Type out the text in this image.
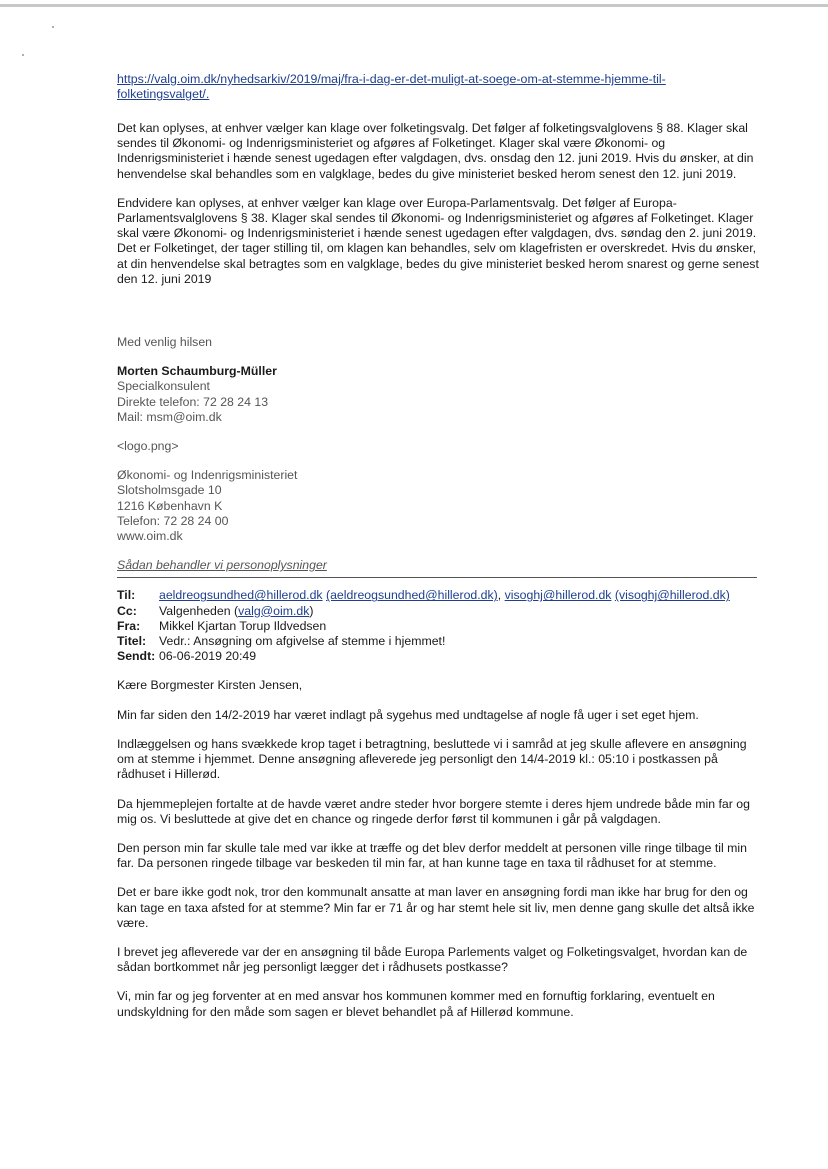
https://valg.oim.dk/nyhedsarkiv/2019/maj/fra-i-dag-er-det-muligt-at-soege-om-at-stemme-hjemme-til-
folketingsvalget/.

Det kan oplyses, at enhver vælger kan klage over folketingsvalg. Det følger af folketingsvalglovens § 88. Klager skal sendes til Økonomi- og Indenrigsministeriet og afgøres af Folketinget. Klager skal være Økonomi- og Indenrigsministeriet i hænde senest ugedagen efter valgdagen, dvs. onsdag den 12. juni 2019. Hvis du ønsker, at din henvendelse skal behandles som en valgklage, bedes du give ministeriet besked herom senest den 12. juni 2019.

Endvidere kan oplyses, at enhver vælger kan klage over Europa-Parlamentsvalg. Det følger af Europa-Parlamentsvalglovens § 38. Klager skal sendes til Økonomi- og Indenrigsministeriet og afgøres af Folketinget. Klager skal være Økonomi- og Indenrigsministeriet i hænde senest ugedagen efter valgdagen, dvs. søndag den 2. juni 2019. Det er Folketinget, der tager stilling til, om klagen kan behandles, selv om klagefristen er overskredet. Hvis du ønsker, at din henvendelse skal betragtes som en valgklage, bedes du give ministeriet besked herom snarest og gerne senest den 12. juni 2019

Med venlig hilsen

Morten Schaumburg-Müller

Specialkonsulent

Direkte telefon: 72 28 24 13

Mail: msm@oim.dk

<logo.png>

Økonomi- og Indenrigsministeriet

Slotsholmsgade 10

1216 København K

Telefon: 72 28 24 00

www.oim.dk

Sådan behandler vi personoplysninger

Til:	aeldreogsundhed@hillerod.dk (aeldreogsundhed@hillerod.dk), visoghj@hillerod.dk (visoghj@hillerod.dk)
Cc:	Valgenheden (valg@oim.dk)
Fra:	Mikkel Kjartan Torup Ildvedsen
Titel:	Vedr.: Ansøgning om afgivelse af stemme i hjemmet!
Sendt: 06-06-2019 20:49

Kære Borgmester Kirsten Jensen,

Min far siden den 14/2-2019 har været indlagt på sygehus med undtagelse af nogle få uger i set eget hjem.

Indlæggelsen og hans svækkede krop taget i betragtning, besluttede vi i samråd at jeg skulle aflevere en ansøgning om at stemme i hjemmet. Denne ansøgning afleverede jeg personligt den 14/4-2019 kl.: 05:10 i postkassen på rådhuset i Hillerød.

Da hjemmeplejen fortalte at de havde været andre steder hvor borgere stemte i deres hjem undrede både min far og mig os. Vi besluttede at give det en chance og ringede derfor først til kommunen i går på valgdagen.

Den person min far skulle tale med var ikke at træffe og det blev derfor meddelt at personen ville ringe tilbage til min far. Da personen ringede tilbage var beskeden til min far, at han kunne tage en taxa til rådhuset for at stemme.

Det er bare ikke godt nok, tror den kommunalt ansatte at man laver en ansøgning fordi man ikke har brug for den og kan tage en taxa afsted for at stemme? Min far er 71 år og har stemt hele sit liv, men denne gang skulle det altså ikke være.

I brevet jeg afleverede var der en ansøgning til både Europa Parlements valget og Folketingsvalget, hvordan kan de sådan bortkommet når jeg personligt lægger det i rådhusets postkasse?

Vi, min far og jeg forventer at en med ansvar hos kommunen kommer med en fornuftig forklaring, eventuelt en undskyldning for den måde som sagen er blevet behandlet på af Hillerød kommune.
